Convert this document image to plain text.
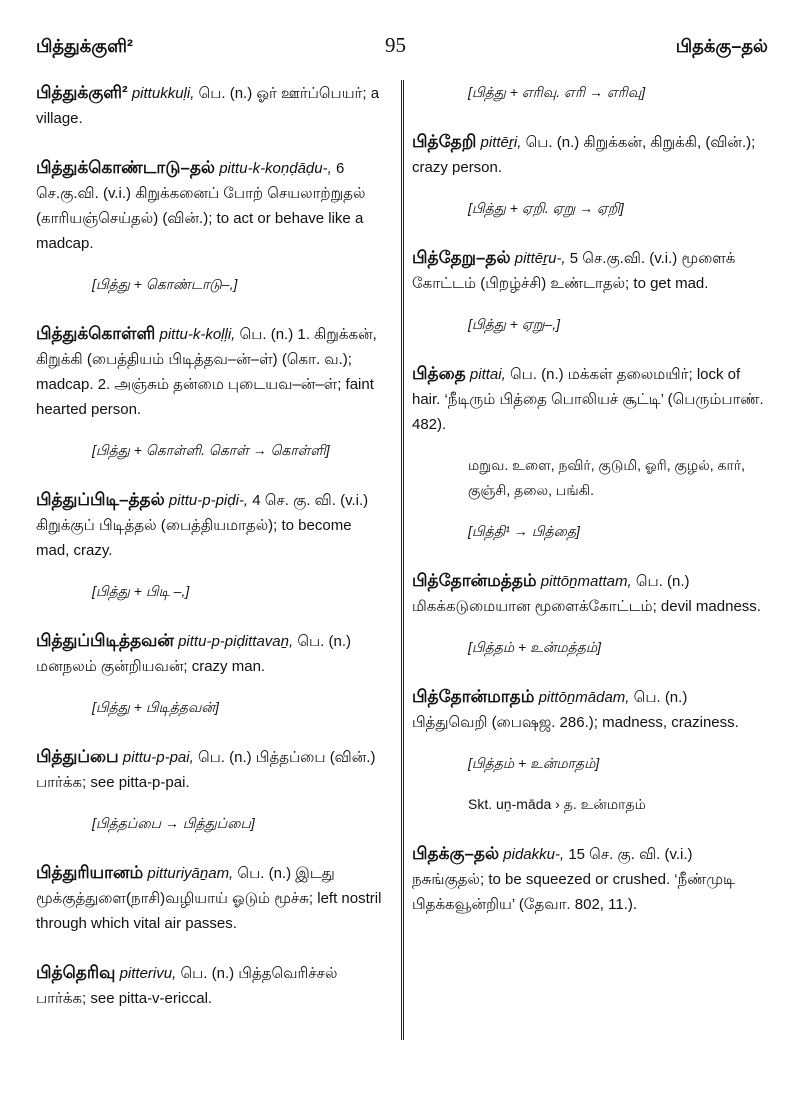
பித்துக்குளி²	95	பிதக்கு–தல்

பித்துக்குளி² pittukkuḷi, பெ. (n.) ஓர் ஊர்ப்பெயர்; a village.

பித்துக்கொண்டாடு–தல் pittu-k-koṇḍāḍu-, 6 செ.கு.வி. (v.i.) கிறுக்கனைப் போற் செயலாற்றுதல் (காரியஞ்செய்தல்) (வின்.); to act or behave like a madcap.

[பித்து + கொண்டாடு–,]

பித்துக்கொள்ளி pittu-k-koḷḷi, பெ. (n.) 1. கிறுக்கன், கிறுக்கி (பைத்தியம் பிடித்தவ–ன்–ள்) (கொ. வ.); madcap. 2. அஞ்சும் தன்மை புடையவ–ன்–ள்; faint hearted person.

[பித்து + கொள்ளி. கொள் → கொள்ளி]

பித்துப்பிடி–த்தல் pittu-p-piḍi-, 4 செ. கு. வி. (v.i.) கிறுக்குப் பிடித்தல் (பைத்தியமாதல்); to become mad, crazy.

[பித்து + பிடி –,]

பித்துப்பிடித்தவன் pittu-p-piḍittavaṉ, பெ. (n.) மனநலம் குன்றியவன்; crazy man.

[பித்து + பிடித்தவன்]

பித்துப்பை pittu-p-pai, பெ. (n.) பித்தப்பை (வின்.) பார்க்க; see pitta-p-pai.

[பித்தப்பை → பித்துப்பை]

பித்துரியானம் pitturiyāṉam, பெ. (n.) இடது மூக்குத்துளை(நாசி)வழியாய் ஓடும் மூச்சு; left nostril through which vital air passes.

பித்தெரிவு pitterivu, பெ. (n.) பித்தவெரிச்சல் பார்க்க; see pitta-v-ericcal.

[பித்து + எரிவு. எரி → எரிவு]

பித்தேறி pittēṟi, பெ. (n.) கிறுக்கன், கிறுக்கி, (வின்.); crazy person.

[பித்து + ஏறி. ஏறு → ஏறி]

பித்தேறு–தல் pittēṟu-, 5 செ.கு.வி. (v.i.) மூளைக் கோட்டம் (பிறழ்ச்சி) உண்டாதல்; to get mad.

[பித்து + ஏறு–,]

பித்தை pittai, பெ. (n.) மக்கள் தலைமயிர்; lock of hair. ‘நீடிரும் பித்தை பொலியச் சூட்டி’ (பெரும்பாண். 482).

மறுவ. உளை, நவிர், குடுமி, ஓரி, குழல், கார், குஞ்சி, தலை, பங்கி.

[பித்தி¹ → பித்தை]

பித்தோன்மத்தம் pittōṉmattam, பெ. (n.) மிகக்கடுமையான மூளைக்கோட்டம்; devil madness.

[பித்தம் + உன்மத்தம்]

பித்தோன்மாதம் pittōṉmādam, பெ. (n.) பித்துவெறி (பைஷஜ. 286.); madness, craziness.

[பித்தம் + உன்மாதம்]

Skt. uṉ-māda › த. உன்மாதம்

பிதக்கு–தல் pidakku-, 15 செ. கு. வி. (v.i.) நசுங்குதல்; to be squeezed or crushed. ‘நீண்முடி பிதக்கவூன்றிய’ (தேவா. 802, 11.).
